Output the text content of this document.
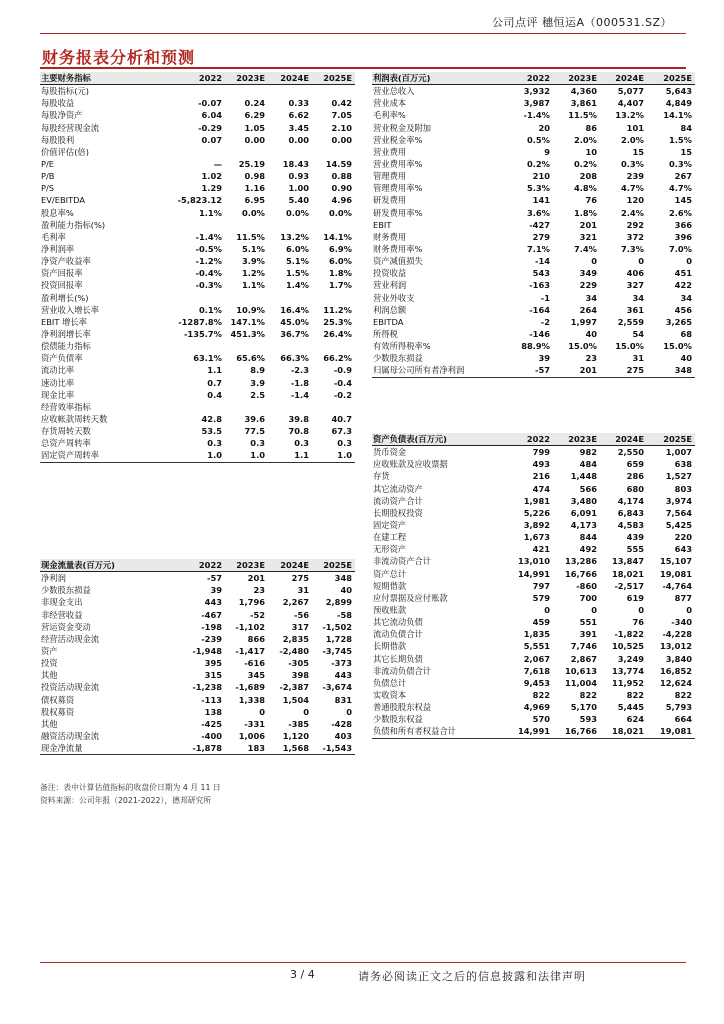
公司点评 穗恒运A（000531.SZ）
财务报表分析和预测
主要财务指标	2022	2023E	2024E	2025E
每股指标(元)				
每股收益	-0.07	0.24	0.33	0.42
每股净资产	6.04	6.29	6.62	7.05
每股经营现金流	-0.29	1.05	3.45	2.10
每股股利	0.07	0.00	0.00	0.00
价值评估(倍)				
P/E	—	25.19	18.43	14.59
P/B	1.02	0.98	0.93	0.88
P/S	1.29	1.16	1.00	0.90
EV/EBITDA	-5,823.12	6.95	5.40	4.96
股息率%	1.1%	0.0%	0.0%	0.0%
盈利能力指标(%)				
毛利率	-1.4%	11.5%	13.2%	14.1%
净利润率	-0.5%	5.1%	6.0%	6.9%
净资产收益率	-1.2%	3.9%	5.1%	6.0%
资产回报率	-0.4%	1.2%	1.5%	1.8%
投资回报率	-0.3%	1.1%	1.4%	1.7%
盈利增长(%)				
营业收入增长率	0.1%	10.9%	16.4%	11.2%
EBIT 增长率	-1287.8%	147.1%	45.0%	25.3%
净利润增长率	-135.7%	451.3%	36.7%	26.4%
偿债能力指标				
资产负债率	63.1%	65.6%	66.3%	66.2%
流动比率	1.1	8.9	-2.3	-0.9
速动比率	0.7	3.9	-1.8	-0.4
现金比率	0.4	2.5	-1.4	-0.2
经营效率指标				
应收帐款周转天数	42.8	39.6	39.8	40.7
存货周转天数	53.5	77.5	70.8	67.3
总资产周转率	0.3	0.3	0.3	0.3
固定资产周转率	1.0	1.0	1.1	1.0
利润表(百万元)	2022	2023E	2024E	2025E
营业总收入	3,932	4,360	5,077	5,643
营业成本	3,987	3,861	4,407	4,849
毛利率%	-1.4%	11.5%	13.2%	14.1%
营业税金及附加	20	86	101	84
营业税金率%	0.5%	2.0%	2.0%	1.5%
营业费用	9	10	15	15
营业费用率%	0.2%	0.2%	0.3%	0.3%
管理费用	210	208	239	267
管理费用率%	5.3%	4.8%	4.7%	4.7%
研发费用	141	76	120	145
研发费用率%	3.6%	1.8%	2.4%	2.6%
EBIT	-427	201	292	366
财务费用	279	321	372	396
财务费用率%	7.1%	7.4%	7.3%	7.0%
资产减值损失	-14	0	0	0
投资收益	543	349	406	451
营业利润	-163	229	327	422
营业外收支	-1	34	34	34
利润总额	-164	264	361	456
EBITDA	-2	1,997	2,559	3,265
所得税	-146	40	54	68
有效所得税率%	88.9%	15.0%	15.0%	15.0%
少数股东损益	39	23	31	40
归属母公司所有者净利润	-57	201	275	348
资产负债表(百万元)	2022	2023E	2024E	2025E
货币资金	799	982	2,550	1,007
应收账款及应收票据	493	484	659	638
存货	216	1,448	286	1,527
其它流动资产	474	566	680	803
流动资产合计	1,981	3,480	4,174	3,974
长期股权投资	5,226	6,091	6,843	7,564
固定资产	3,892	4,173	4,583	5,425
在建工程	1,673	844	439	220
无形资产	421	492	555	643
非流动资产合计	13,010	13,286	13,847	15,107
资产总计	14,991	16,766	18,021	19,081
短期借款	797	-860	-2,517	-4,764
应付票据及应付账款	579	700	619	877
预收账款	0	0	0	0
其它流动负债	459	551	76	-340
流动负债合计	1,835	391	-1,822	-4,228
长期借款	5,551	7,746	10,525	13,012
其它长期负债	2,067	2,867	3,249	3,840
非流动负债合计	7,618	10,613	13,774	16,852
负债总计	9,453	11,004	11,952	12,624
实收资本	822	822	822	822
普通股股东权益	4,969	5,170	5,445	5,793
少数股东权益	570	593	624	664
负债和所有者权益合计	14,991	16,766	18,021	19,081
现金流量表(百万元)	2022	2023E	2024E	2025E
净利润	-57	201	275	348
少数股东损益	39	23	31	40
非现金支出	443	1,796	2,267	2,899
非经营收益	-467	-52	-56	-58
营运资金变动	-198	-1,102	317	-1,502
经营活动现金流	-239	866	2,835	1,728
资产	-1,948	-1,417	-2,480	-3,745
投资	395	-616	-305	-373
其他	315	345	398	443
投资活动现金流	-1,238	-1,689	-2,387	-3,674
债权募资	-113	1,338	1,504	831
股权募资	138	0	0	0
其他	-425	-331	-385	-428
融资活动现金流	-400	1,006	1,120	403
现金净流量	-1,878	183	1,568	-1,543
备注：表中计算估值指标的收盘价日期为 4 月 11 日
资料来源：公司年报（2021-2022），德邦研究所
3 / 4	请务必阅读正文之后的信息披露和法律声明
